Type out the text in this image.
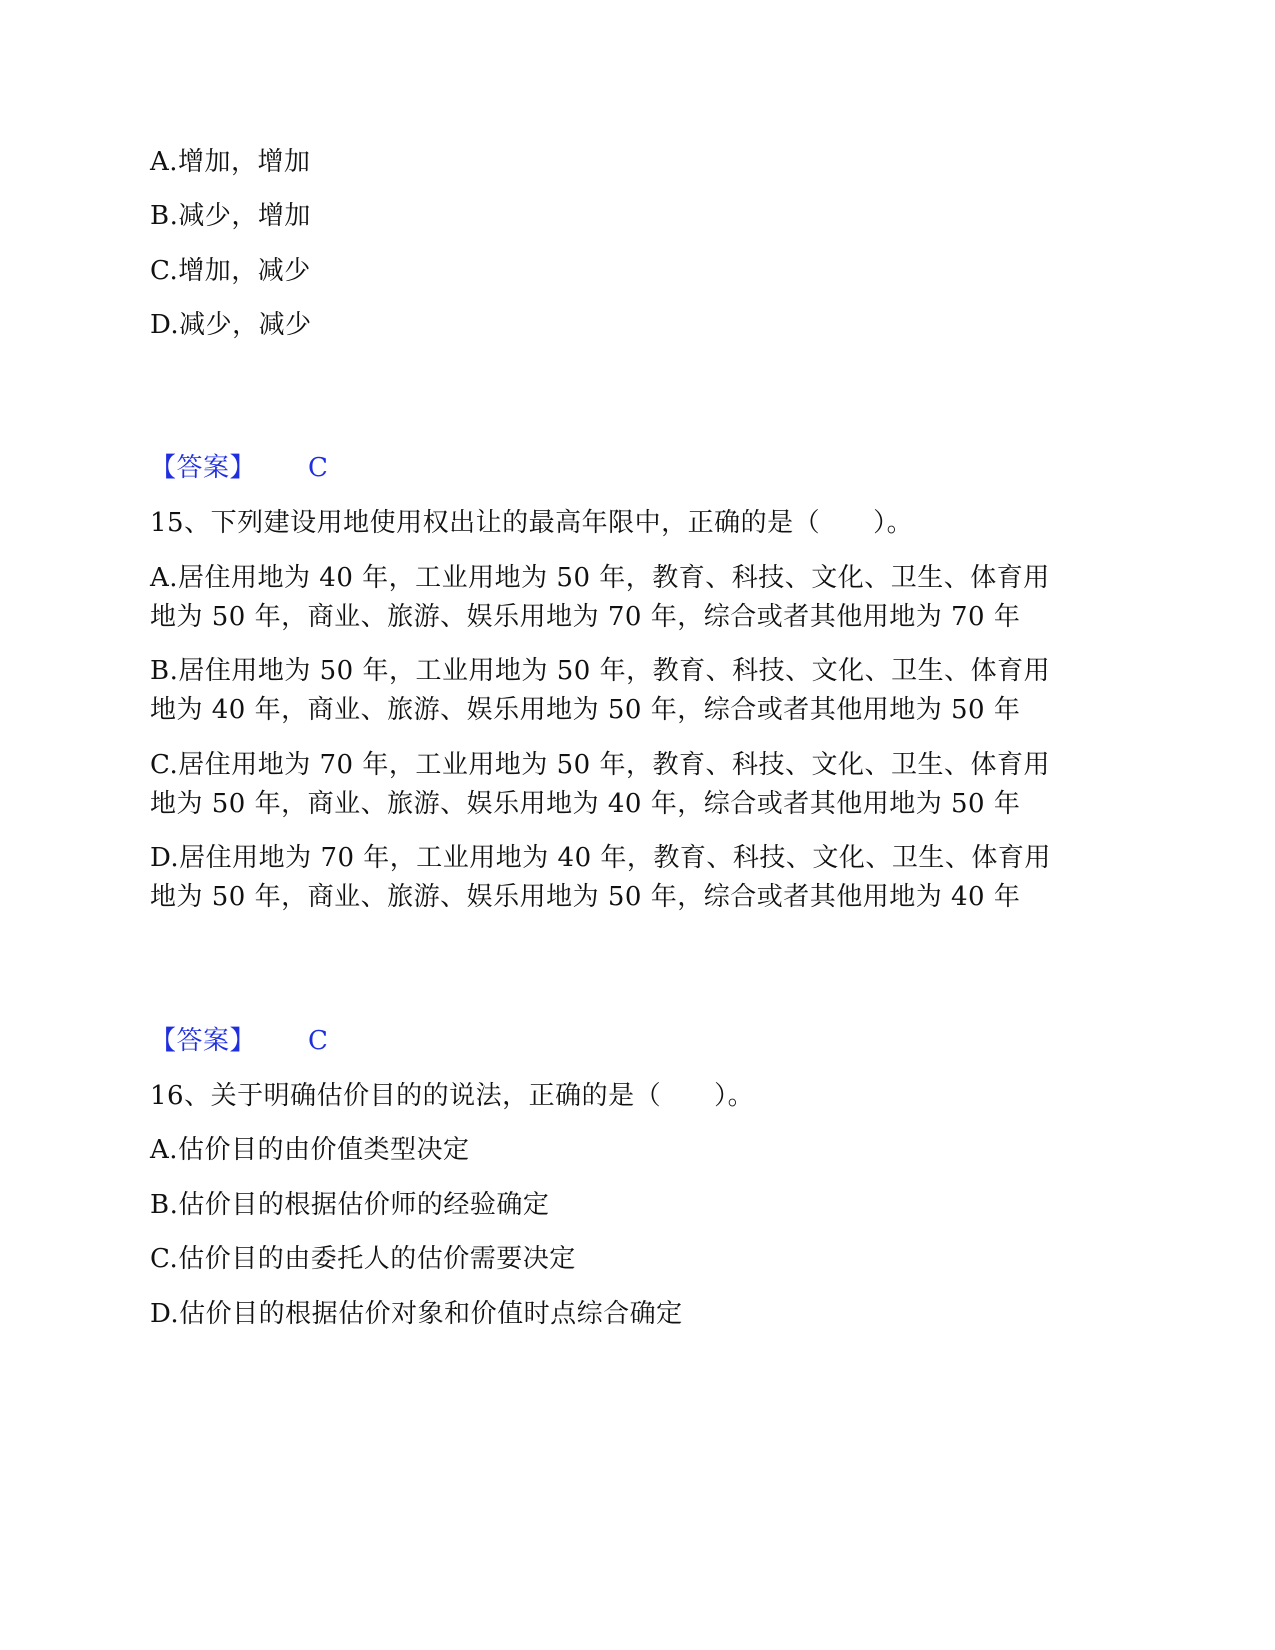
A.增加，增加
B.减少，增加
C.增加，减少
D.减少，减少
【答案】 C
15、下列建设用地使用权出让的最高年限中，正确的是（　　）。
A.居住用地为 40 年，工业用地为 50 年，教育、科技、文化、卫生、体育用
地为 50 年，商业、旅游、娱乐用地为 70 年，综合或者其他用地为 70 年
B.居住用地为 50 年，工业用地为 50 年，教育、科技、文化、卫生、体育用
地为 40 年，商业、旅游、娱乐用地为 50 年，综合或者其他用地为 50 年
C.居住用地为 70 年，工业用地为 50 年，教育、科技、文化、卫生、体育用
地为 50 年，商业、旅游、娱乐用地为 40 年，综合或者其他用地为 50 年
D.居住用地为 70 年，工业用地为 40 年，教育、科技、文化、卫生、体育用
地为 50 年，商业、旅游、娱乐用地为 50 年，综合或者其他用地为 40 年
【答案】 C
16、关于明确估价目的的说法，正确的是（　　）。
A.估价目的由价值类型决定
B.估价目的根据估价师的经验确定
C.估价目的由委托人的估价需要决定
D.估价目的根据估价对象和价值时点综合确定
